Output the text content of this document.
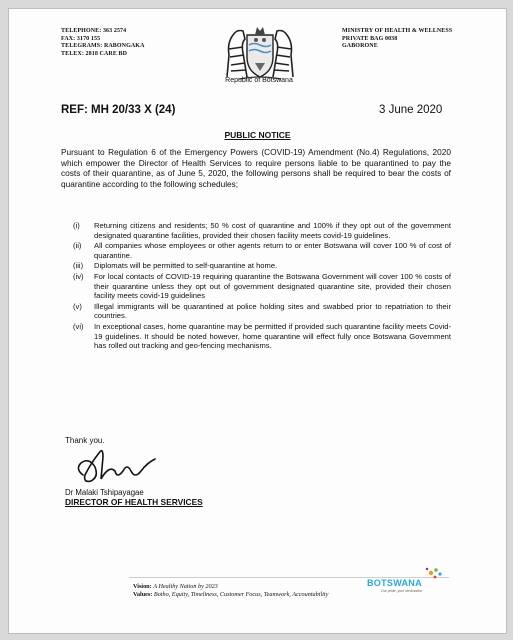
TELEPHONE: 363 2574
FAX: 3170 155
TELEGRAMS: RABONGAKA
TELEX: 2818 CARE BD
Republic of Botswana
MINISTRY OF HEALTH & WELLNESS
PRIVATE BAG 0038
GABORONE
REF: MH 20/33 X (24)	3 June 2020
PUBLIC NOTICE
Pursuant to Regulation 6 of the Emergency Powers (COVID-19) Amendment (No.4) Regulations, 2020 which empower the Director of Health Services to require persons liable to be quarantined to pay the costs of their quarantine, as of June 5, 2020, the following persons shall be required to bear the costs of quarantine according to the following schedules;
(i)	Returning citizens and residents; 50 % cost of quarantine and 100% if they opt out of the government designated quarantine facilities, provided their chosen facility meets covid-19 guidelines.
(ii)	All companies whose employees or other agents return to or enter Botswana will cover 100 % of cost of quarantine.
(iii)	Diplomats will be permitted to self-quarantine at home.
(iv)	For local contacts of COVID-19 requiring quarantine the Botswana Government will cover 100 % costs of their quarantine unless they opt out of government designated quarantine site, provided their chosen facility meets covid-19 guidelines
(v)	Illegal immigrants will be quarantined at police holding sites and swabbed prior to repatriation to their countries.
(vi)	In exceptional cases, home quarantine may be permitted if provided such quarantine facility meets Covid-19 guidelines. It should be noted however, home quarantine will effect fully once Botswana Government has rolled out tracking and geo-fencing mechanisms.
Thank you.
Dr Malaki Tshipayagae
DIRECTOR OF HEALTH SERVICES
Vision: A Healthy Nation by 2023
Values: Botho, Equity, Timeliness, Customer Focus, Teamwork, Accountability
BOTSWANA
Our pride, your destination
